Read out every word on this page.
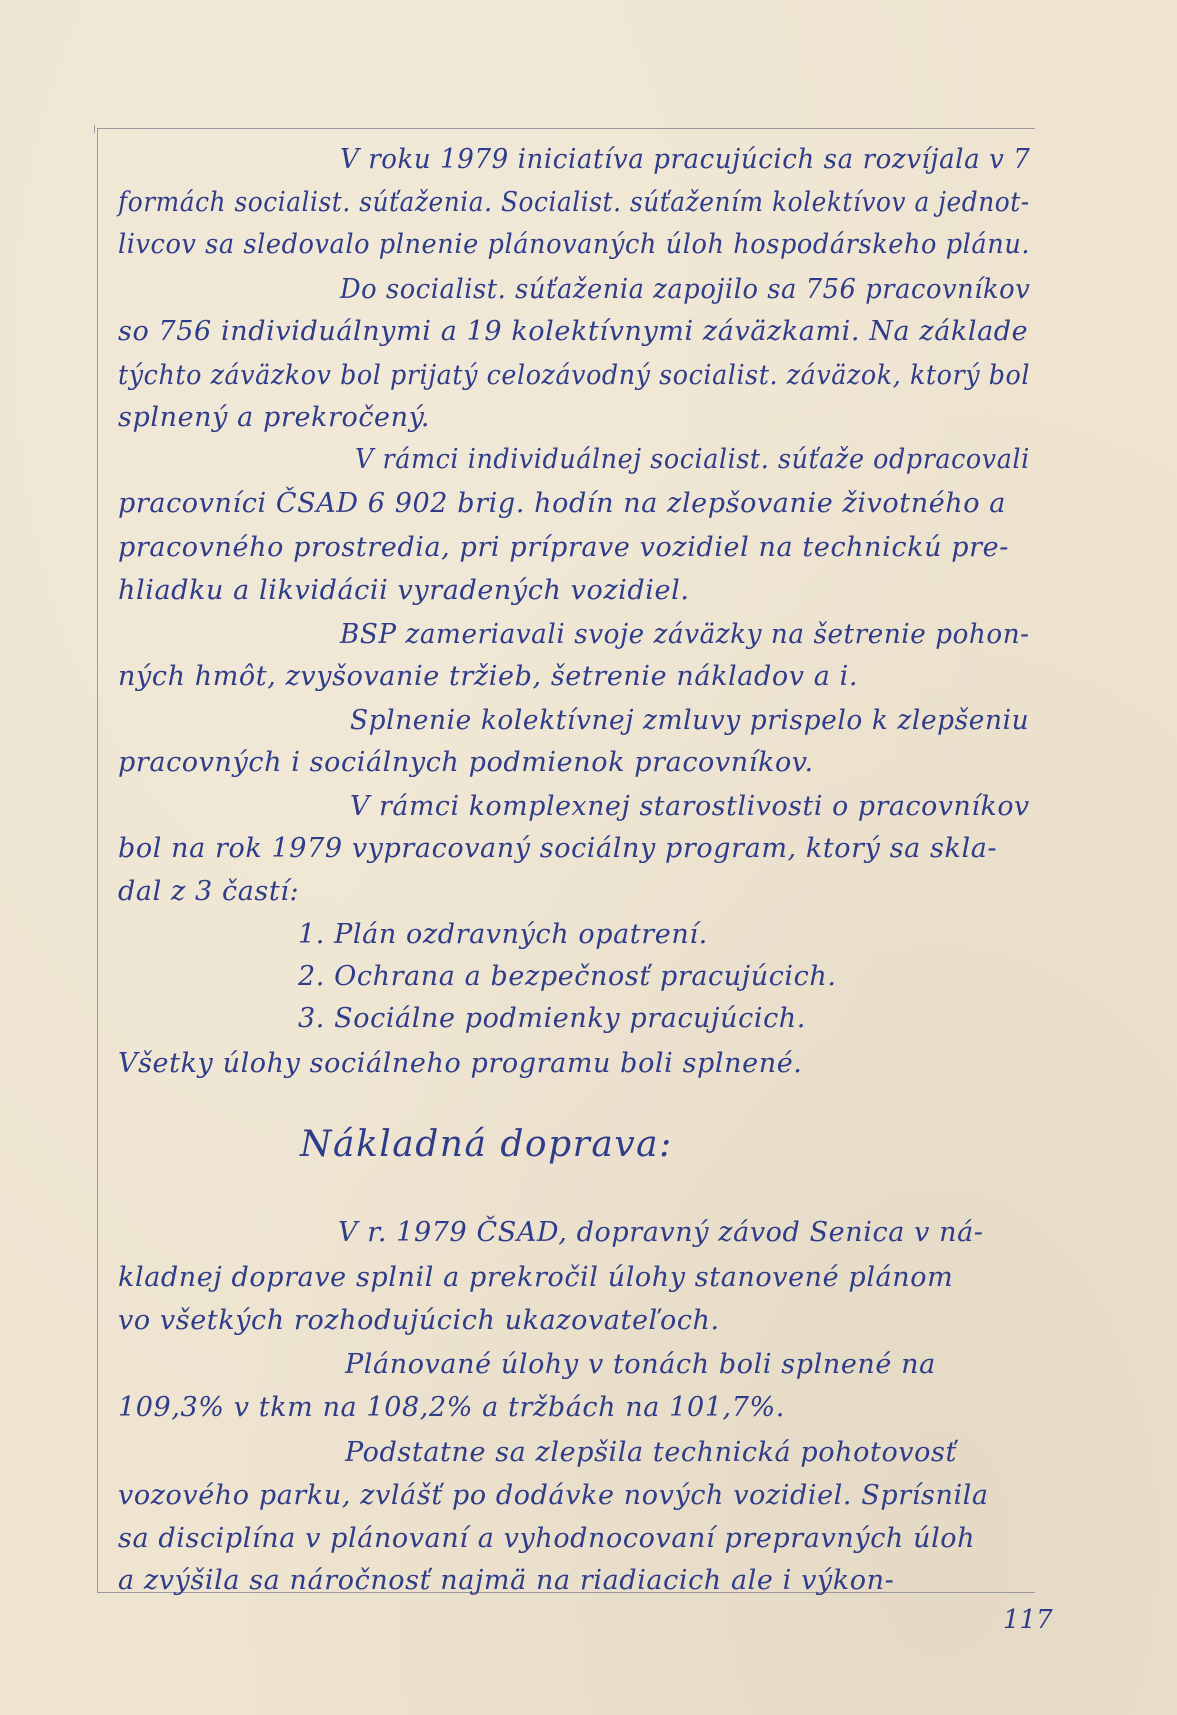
V roku 1979 iniciatíva pracujúcich sa rozvíjala v 7
formách socialist. súťaženia. Socialist. súťažením kolektívov a jednot-
livcov sa sledovalo plnenie plánovaných úloh hospodárskeho plánu.
Do socialist. súťaženia zapojilo sa 756 pracovníkov
so 756 individuálnymi a 19 kolektívnymi záväzkami. Na základe
týchto záväzkov bol prijatý celozávodný socialist. záväzok, ktorý bol
splnený a prekročený.
V rámci individuálnej socialist. súťaže odpracovali
pracovníci ČSAD 6 902 brig. hodín na zlepšovanie životného a
pracovného prostredia, pri príprave vozidiel na technickú pre-
hliadku a likvidácii vyradených vozidiel.
BSP zameriavali svoje záväzky na šetrenie pohon-
ných hmôt, zvyšovanie tržieb, šetrenie nákladov a i.
Splnenie kolektívnej zmluvy prispelo k zlepšeniu
pracovných i sociálnych podmienok pracovníkov.
V rámci komplexnej starostlivosti o pracovníkov
bol na rok 1979 vypracovaný sociálny program, ktorý sa skla-
dal z 3 častí:
1. Plán ozdravných opatrení.
2. Ochrana a bezpečnosť pracujúcich.
3. Sociálne podmienky pracujúcich.
Všetky úlohy sociálneho programu boli splnené.
Nákladná doprava:
V r. 1979 ČSAD, dopravný závod Senica v ná-
kladnej doprave splnil a prekročil úlohy stanovené plánom
vo všetkých rozhodujúcich ukazovateľoch.
Plánované úlohy v tonách boli splnené na
109,3% v tkm na 108,2% a tržbách na 101,7%.
Podstatne sa zlepšila technická pohotovosť
vozového parku, zvlášť po dodávke nových vozidiel. Sprísnila
sa disciplína v plánovaní a vyhodnocovaní prepravných úloh
a zvýšila sa náročnosť najmä na riadiacich ale i výkon-
117
